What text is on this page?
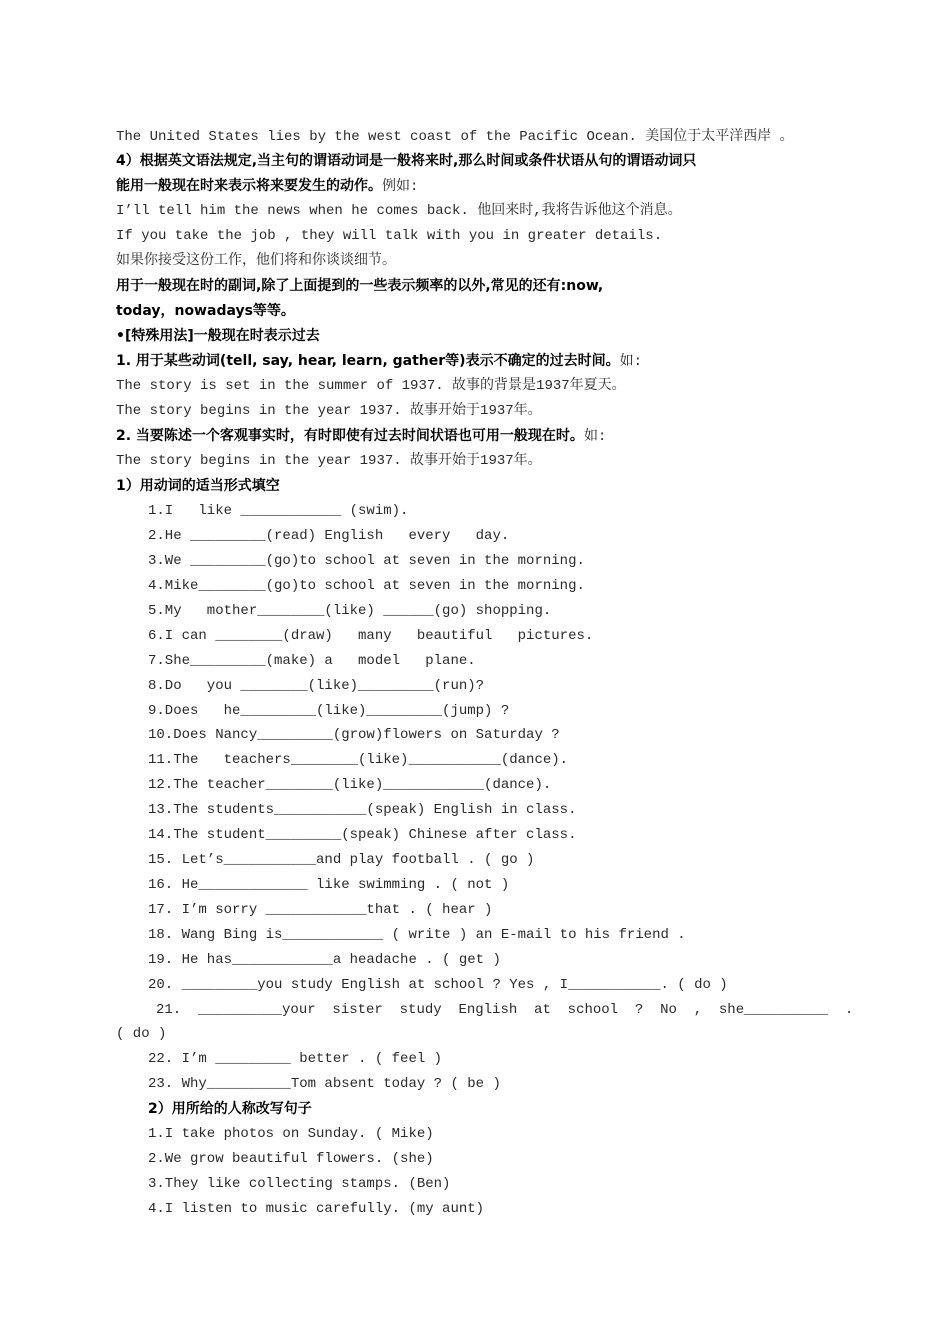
The United States lies by the west coast of the Pacific Ocean. 美国位于太平洋西岸 。
4）根据英文语法规定,当主句的谓语动词是一般将来时,那么时间或条件状语从句的谓语动词只
能用一般现在时来表示将来要发生的动作。例如:
I’ll tell him the news when he comes back. 他回来时,我将告诉他这个消息。
If you take the job , they will talk with you in greater details.
如果你接受这份工作，他们将和你谈谈细节。
用于一般现在时的副词,除了上面提到的一些表示频率的以外,常见的还有:now,
today，nowadays等等。
•[特殊用法]一般现在时表示过去
1. 用于某些动词(tell, say, hear, learn, gather等)表示不确定的过去时间。如:
The story is set in the summer of 1937. 故事的背景是1937年夏天。
The story begins in the year 1937. 故事开始于1937年。
2. 当要陈述一个客观事实时，有时即使有过去时间状语也可用一般现在时。如:
The story begins in the year 1937. 故事开始于1937年。
1）用动词的适当形式填空
1.I   like ____________ (swim).
2.He _________(read) English   every   day.
3.We _________(go)to school at seven in the morning.
4.Mike________(go)to school at seven in the morning.
5.My   mother________(like) ______(go) shopping.
6.I can ________(draw)   many   beautiful   pictures.
7.She_________(make) a   model   plane.
8.Do   you ________(like)_________(run)?
9.Does   he_________(like)_________(jump) ?
10.Does Nancy_________(grow)flowers on Saturday ?
11.The   teachers________(like)___________(dance).
12.The teacher________(like)____________(dance).
13.The students___________(speak) English in class.
14.The student_________(speak) Chinese after class.
15. Let’s___________and play football . ( go )
16. He_____________ like swimming . ( not )
17. I’m sorry ____________that . ( hear )
18. Wang Bing is____________ ( write ) an E-mail to his friend .
19. He has____________a headache . ( get )
20. _________you study English at school ? Yes , I___________. ( do )
21.  __________your  sister  study  English  at  school  ?  No  ,  she__________  .
( do )
22. I’m _________ better . ( feel )
23. Why__________Tom absent today ? ( be )
2）用所给的人称改写句子
1.I take photos on Sunday. ( Mike)
2.We grow beautiful flowers. (she)
3.They like collecting stamps. (Ben)
4.I listen to music carefully. (my aunt)
